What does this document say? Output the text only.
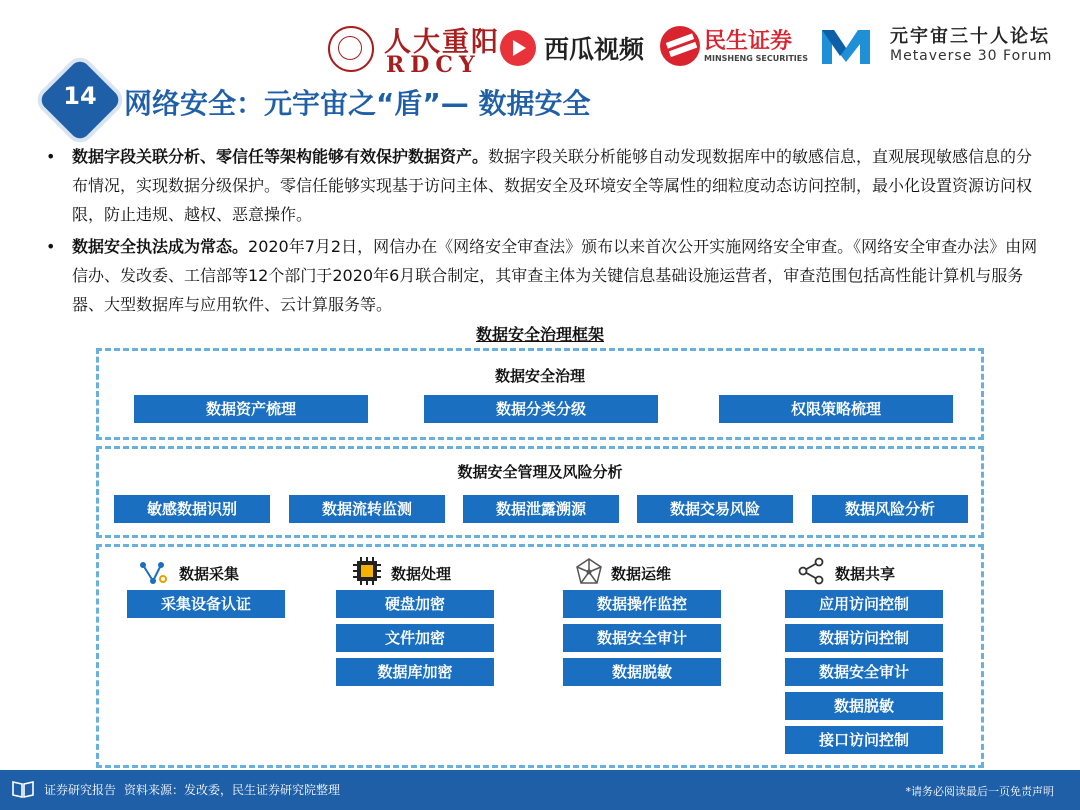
人大重阳
RDCY
西瓜视频	民生证券
MINSHENG SECURITIES
元宇宙三十人论坛
Metaverse 30 Forum
14 网络安全：元宇宙之“盾”— 数据安全
•	数据字段关联分析、零信任等架构能够有效保护数据资产。数据字段关联分析能够自动发现数据库中的敏感信息，直观展现敏感信息的分布情况，实现数据分级保护。零信任能够实现基于访问主体、数据安全及环境安全等属性的细粒度动态访问控制，最小化设置资源访问权限，防止违规、越权、恶意操作。
•	数据安全执法成为常态。2020年7月2日，网信办在《网络安全审查法》颁布以来首次公开实施网络安全审查。《网络安全审查办法》由网信办、发改委、工信部等12个部门于2020年6月联合制定，其审查主体为关键信息基础设施运营者，审查范围包括高性能计算机与服务器、大型数据库与应用软件、云计算服务等。
数据安全治理框架
数据安全治理
数据资产梳理	数据分类分级	权限策略梳理
数据安全管理及风险分析
敏感数据识别	数据流转监测	数据泄露溯源	数据交易风险	数据风险分析
数据采集
采集设备认证
数据处理
硬盘加密
文件加密
数据库加密
数据运维
数据操作监控
数据安全审计
数据脱敏
数据共享
应用访问控制
数据访问控制
数据安全审计
数据脱敏
接口访问控制
证券研究报告 资料来源：发改委，民生证券研究院整理	*请务必阅读最后一页免责声明
